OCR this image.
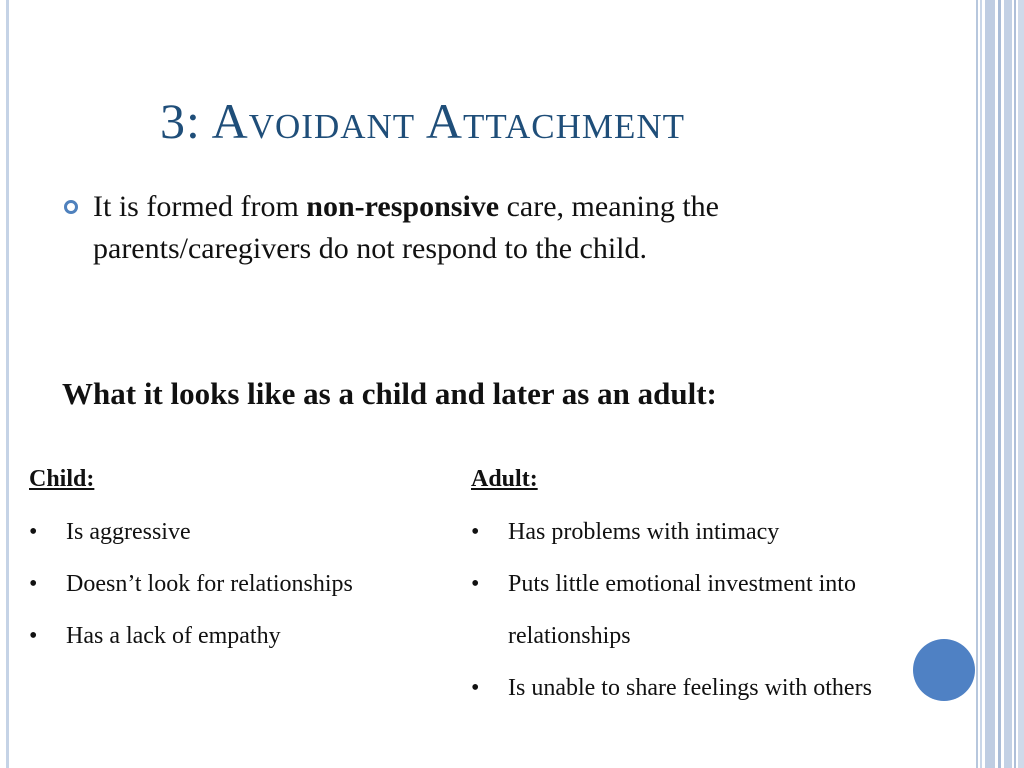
3: Avoidant Attachment
It is formed from non-responsive care, meaning the parents/caregivers do not respond to the child.
What it looks like as a child and later as an adult:
Child:
• Is aggressive
• Doesn’t look for relationships
• Has a lack of empathy
Adult:
• Has problems with intimacy
• Puts little emotional investment into relationships
• Is unable to share feelings with others
